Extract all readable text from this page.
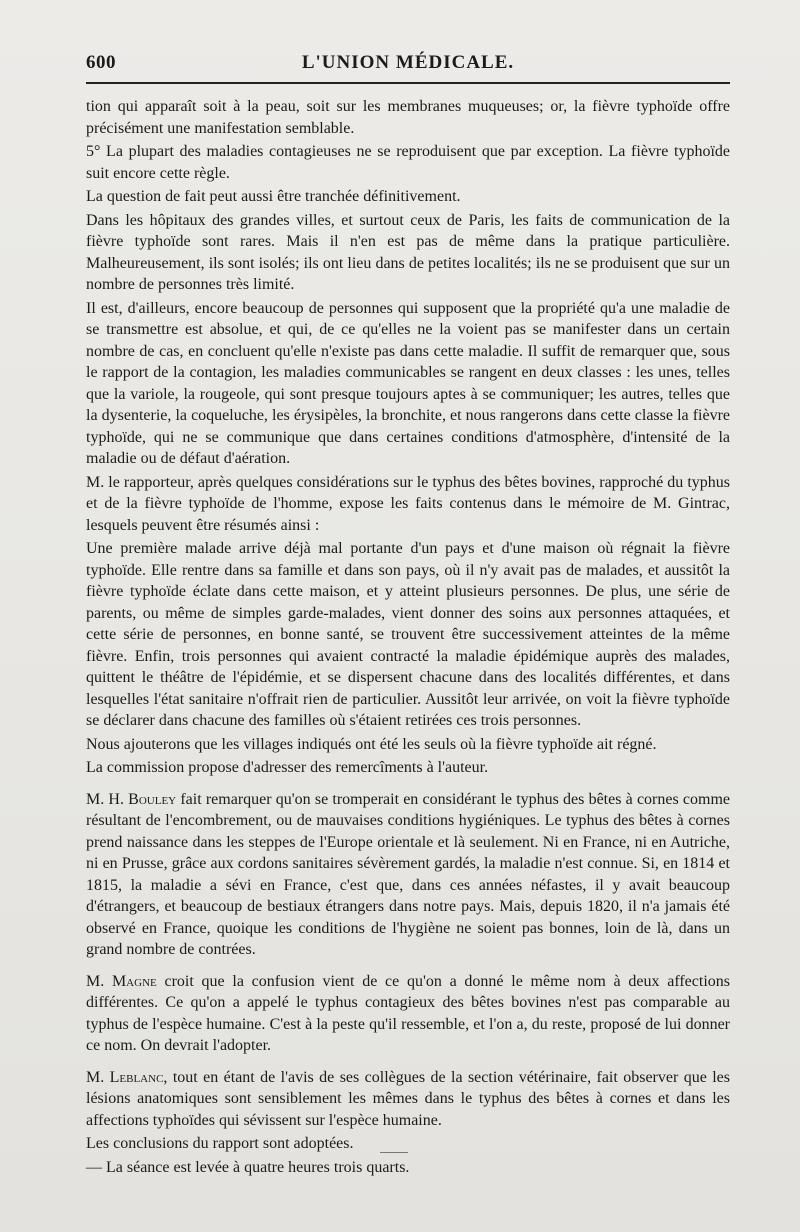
600	L'UNION MÉDICALE.

tion qui apparaît soit à la peau, soit sur les membranes muqueuses; or, la fièvre typhoïde offre précisément une manifestation semblable.

5° La plupart des maladies contagieuses ne se reproduisent que par exception. La fièvre typhoïde suit encore cette règle.

La question de fait peut aussi être tranchée définitivement.

Dans les hôpitaux des grandes villes, et surtout ceux de Paris, les faits de communication de la fièvre typhoïde sont rares. Mais il n'en est pas de même dans la pratique particulière. Malheureusement, ils sont isolés; ils ont lieu dans de petites localités; ils ne se produisent que sur un nombre de personnes très limité.

Il est, d'ailleurs, encore beaucoup de personnes qui supposent que la propriété qu'a une maladie de se transmettre est absolue, et qui, de ce qu'elles ne la voient pas se manifester dans un certain nombre de cas, en concluent qu'elle n'existe pas dans cette maladie. Il suffit de remarquer que, sous le rapport de la contagion, les maladies communicables se rangent en deux classes : les unes, telles que la variole, la rougeole, qui sont presque toujours aptes à se communiquer; les autres, telles que la dysenterie, la coqueluche, les érysipèles, la bronchite, et nous rangerons dans cette classe la fièvre typhoïde, qui ne se communique que dans certaines conditions d'atmosphère, d'intensité de la maladie ou de défaut d'aération.

M. le rapporteur, après quelques considérations sur le typhus des bêtes bovines, rapproché du typhus et de la fièvre typhoïde de l'homme, expose les faits contenus dans le mémoire de M. Gintrac, lesquels peuvent être résumés ainsi :

Une première malade arrive déjà mal portante d'un pays et d'une maison où régnait la fièvre typhoïde. Elle rentre dans sa famille et dans son pays, où il n'y avait pas de malades, et aussitôt la fièvre typhoïde éclate dans cette maison, et y atteint plusieurs personnes. De plus, une série de parents, ou même de simples garde-malades, vient donner des soins aux personnes attaquées, et cette série de personnes, en bonne santé, se trouvent être successivement atteintes de la même fièvre. Enfin, trois personnes qui avaient contracté la maladie épidémique auprès des malades, quittent le théâtre de l'épidémie, et se dispersent chacune dans des localités différentes, et dans lesquelles l'état sanitaire n'offrait rien de particulier. Aussitôt leur arrivée, on voit la fièvre typhoïde se déclarer dans chacune des familles où s'étaient retirées ces trois personnes.

Nous ajouterons que les villages indiqués ont été les seuls où la fièvre typhoïde ait régné.

La commission propose d'adresser des remercîments à l'auteur.

M. H. Bouley fait remarquer qu'on se tromperait en considérant le typhus des bêtes à cornes comme résultant de l'encombrement, ou de mauvaises conditions hygiéniques. Le typhus des bêtes à cornes prend naissance dans les steppes de l'Europe orientale et là seulement. Ni en France, ni en Autriche, ni en Prusse, grâce aux cordons sanitaires sévèrement gardés, la maladie n'est connue. Si, en 1814 et 1815, la maladie a sévi en France, c'est que, dans ces années néfastes, il y avait beaucoup d'étrangers, et beaucoup de bestiaux étrangers dans notre pays. Mais, depuis 1820, il n'a jamais été observé en France, quoique les conditions de l'hygiène ne soient pas bonnes, loin de là, dans un grand nombre de contrées.

M. Magne croit que la confusion vient de ce qu'on a donné le même nom à deux affections différentes. Ce qu'on a appelé le typhus contagieux des bêtes bovines n'est pas comparable au typhus de l'espèce humaine. C'est à la peste qu'il ressemble, et l'on a, du reste, proposé de lui donner ce nom. On devrait l'adopter.

M. Leblanc, tout en étant de l'avis de ses collègues de la section vétérinaire, fait observer que les lésions anatomiques sont sensiblement les mêmes dans le typhus des bêtes à cornes et dans les affections typhoïdes qui sévissent sur l'espèce humaine.

Les conclusions du rapport sont adoptées.

— La séance est levée à quatre heures trois quarts.
